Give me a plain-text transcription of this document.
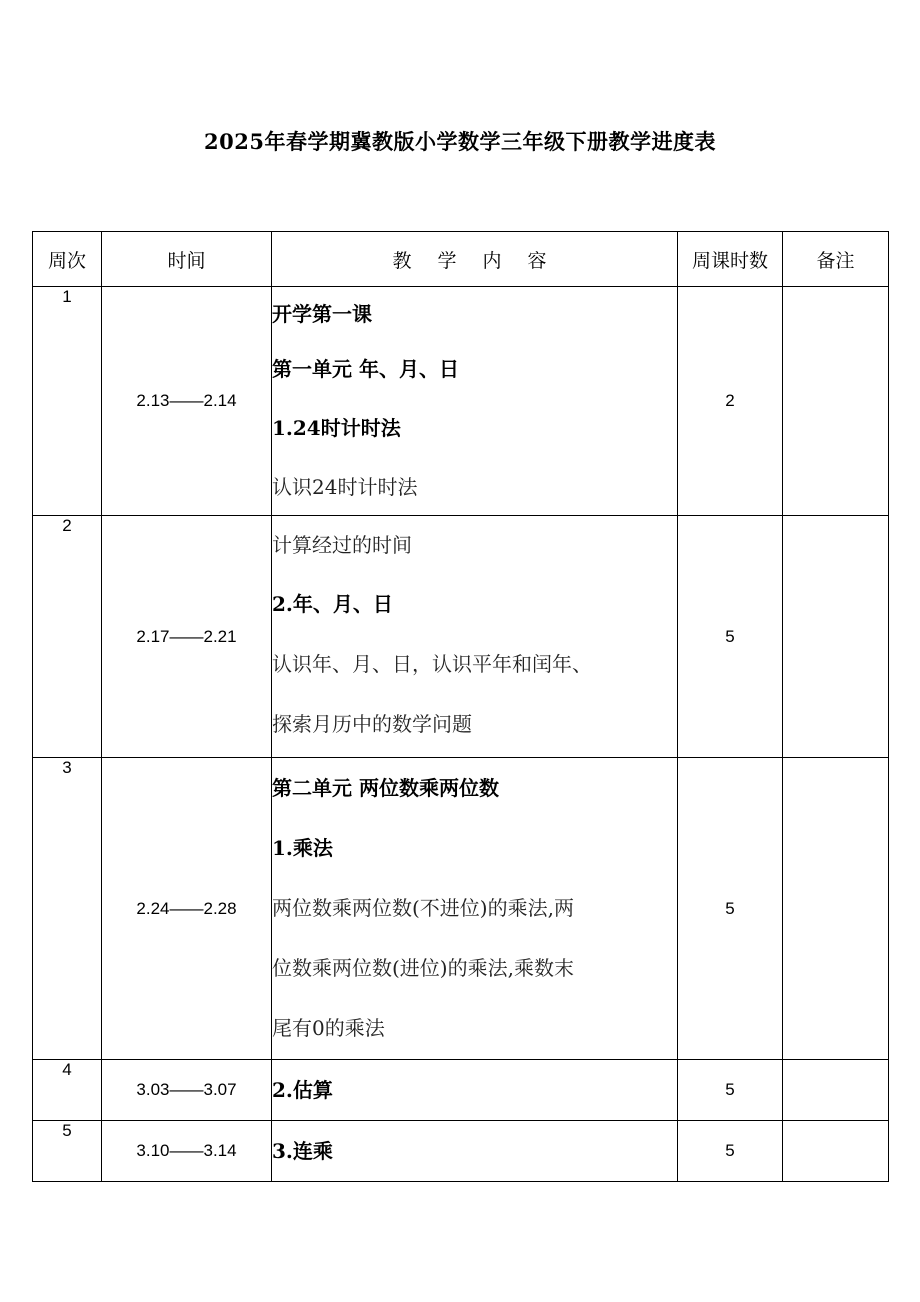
2025年春学期冀教版小学数学三年级下册教学进度表
周次	时间	教 学 内 容	周课时数	备注
1	2.13——2.14	开学第一课
第一单元 年、月、日
1.24时计时法
认识24时计时法	2	
2	2.17——2.21	计算经过的时间
2.年、月、日
认识年、月、日，认识平年和闰年、
探索月历中的数学问题	5	
3	2.24——2.28	第二单元 两位数乘两位数
1.乘法
两位数乘两位数(不进位)的乘法,两
位数乘两位数(进位)的乘法,乘数末
尾有0的乘法	5	
4	3.03——3.07	2.估算	5	
5	3.10——3.14	3.连乘	5	
